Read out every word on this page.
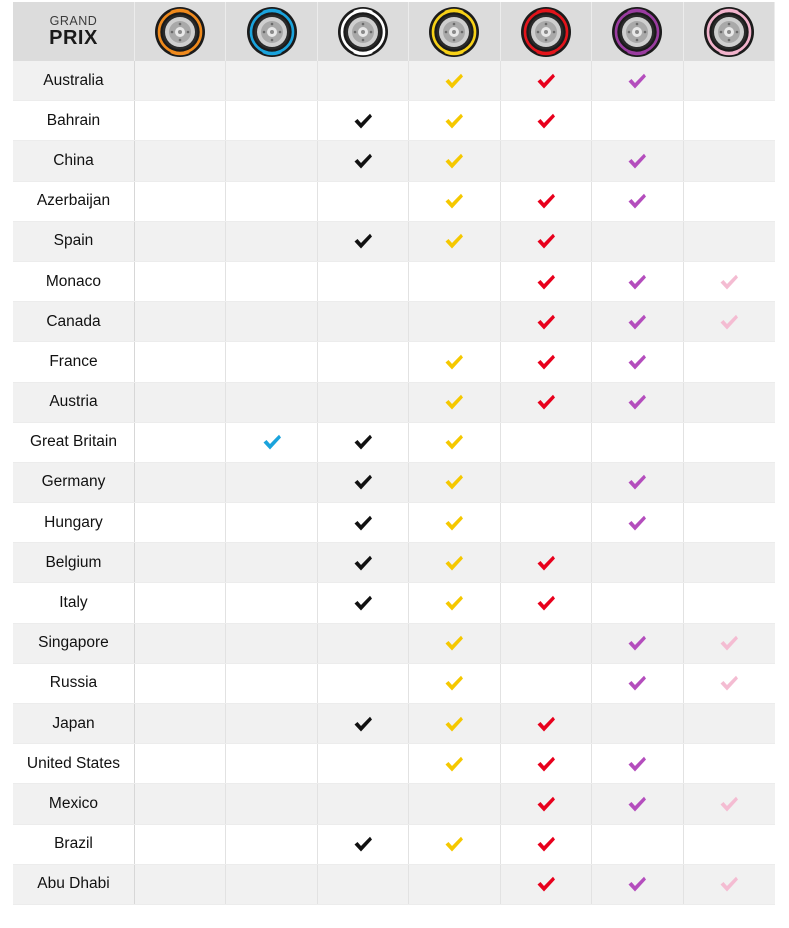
GRAND
PRIX
Australia
Bahrain
China
Azerbaijan
Spain
Monaco
Canada
France
Austria
Great Britain
Germany
Hungary
Belgium
Italy
Singapore
Russia
Japan
United States
Mexico
Brazil
Abu Dhabi
